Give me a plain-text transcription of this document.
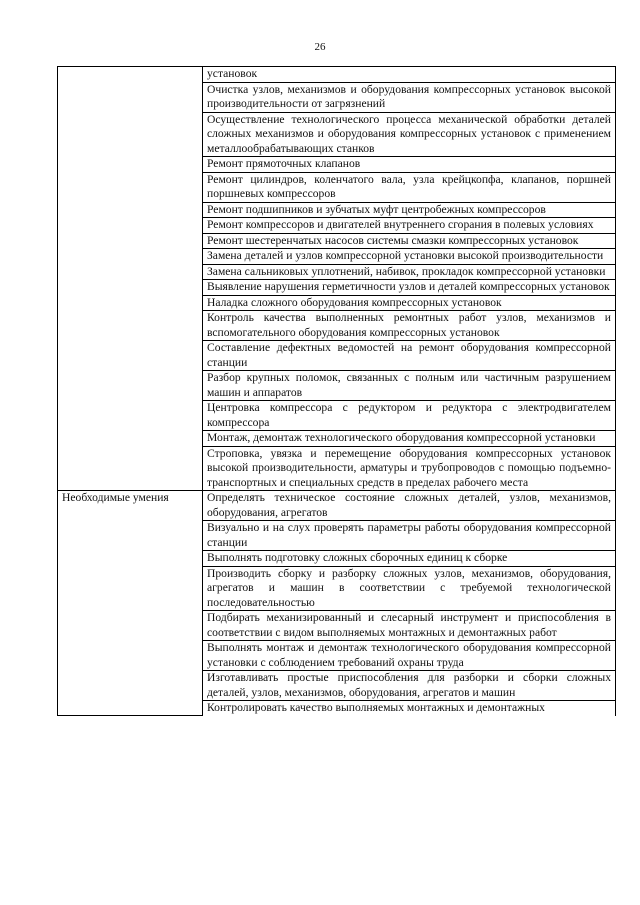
26
	установок
	Очистка узлов, механизмов и оборудования компрессорных установок высокой производительности от загрязнений
	Осуществление технологического процесса механической обработки деталей сложных механизмов и оборудования компрессорных установок с применением металлообрабатывающих станков
	Ремонт прямоточных клапанов
	Ремонт цилиндров, коленчатого вала, узла крейцкопфа, клапанов, поршней поршневых компрессоров
	Ремонт подшипников и зубчатых муфт центробежных компрессоров
	Ремонт компрессоров и двигателей внутреннего сгорания в полевых условиях
	Ремонт шестеренчатых насосов системы смазки компрессорных установок
	Замена деталей и узлов компрессорной установки высокой производительности
	Замена сальниковых уплотнений, набивок, прокладок компрессорной установки
	Выявление нарушения герметичности узлов и деталей компрессорных установок
	Наладка сложного оборудования компрессорных установок
	Контроль качества выполненных ремонтных работ узлов, механизмов и вспомогательного оборудования компрессорных установок
	Составление дефектных ведомостей на ремонт оборудования компрессорной станции
	Разбор крупных поломок, связанных с полным или частичным разрушением машин и аппаратов
	Центровка компрессора с редуктором и редуктора с электродвигателем компрессора
	Монтаж, демонтаж технологического оборудования компрессорной установки
	Строповка, увязка и перемещение оборудования компрессорных установок высокой производительности, арматуры и трубопроводов с помощью подъемно-транспортных и специальных средств в пределах рабочего места
Необходимые умения	Определять техническое состояние сложных деталей, узлов, механизмов, оборудования, агрегатов
	Визуально и на слух проверять параметры работы оборудования компрессорной станции
	Выполнять подготовку сложных сборочных единиц к сборке
	Производить сборку и разборку сложных узлов, механизмов, оборудования, агрегатов и машин в соответствии с требуемой технологической последовательностью
	Подбирать механизированный и слесарный инструмент и приспособления в соответствии с видом выполняемых монтажных и демонтажных работ
	Выполнять монтаж и демонтаж технологического оборудования компрессорной установки с соблюдением требований охраны труда
	Изготавливать простые приспособления для разборки и сборки сложных деталей, узлов, механизмов, оборудования, агрегатов и машин
	Контролировать качество выполняемых монтажных и демонтажных
